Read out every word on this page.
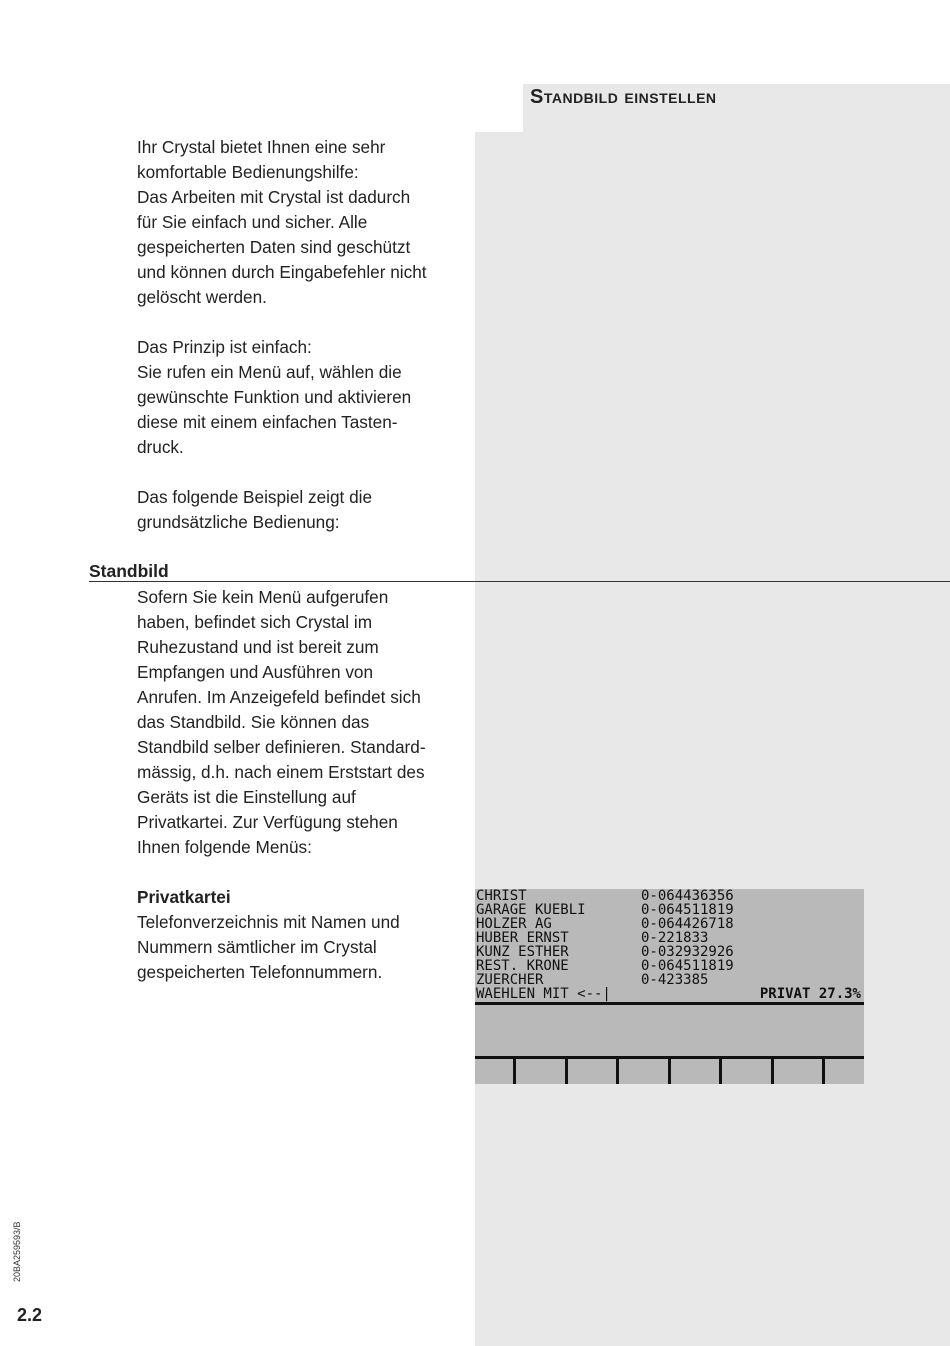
Standbild einstellen

Ihr Crystal bietet Ihnen eine sehr
komfortable Bedienungshilfe:
Das Arbeiten mit Crystal ist dadurch
für Sie einfach und sicher. Alle
gespeicherten Daten sind geschützt
und können durch Eingabefehler nicht
gelöscht werden.

Das Prinzip ist einfach:
Sie rufen ein Menü auf, wählen die
gewünschte Funktion und aktivieren
diese mit einem einfachen Tasten-
druck.

Das folgende Beispiel zeigt die
grundsätzliche Bedienung:

Standbild

Sofern Sie kein Menü aufgerufen
haben, befindet sich Crystal im
Ruhezustand und ist bereit zum
Empfangen und Ausführen von
Anrufen. Im Anzeigefeld befindet sich
das Standbild. Sie können das
Standbild selber definieren. Standard-
mässig, d.h. nach einem Erststart des
Geräts ist die Einstellung auf
Privatkartei. Zur Verfügung stehen
Ihnen folgende Menüs:

Privatkartei

Telefonverzeichnis mit Namen und
Nummern sämtlicher im Crystal
gespeicherten Telefonnummern.

CHRIST	0-064436356
GARAGE KUEBLI	0-064511819
HOLZER AG	0-064426718
HUBER ERNST	0-221833
KUNZ ESTHER	0-032932926
REST. KRONE	0-064511819
ZUERCHER	0-423385
WAEHLEN MIT <--|	PRIVAT 27.3%
20BA259593/B
2.2
